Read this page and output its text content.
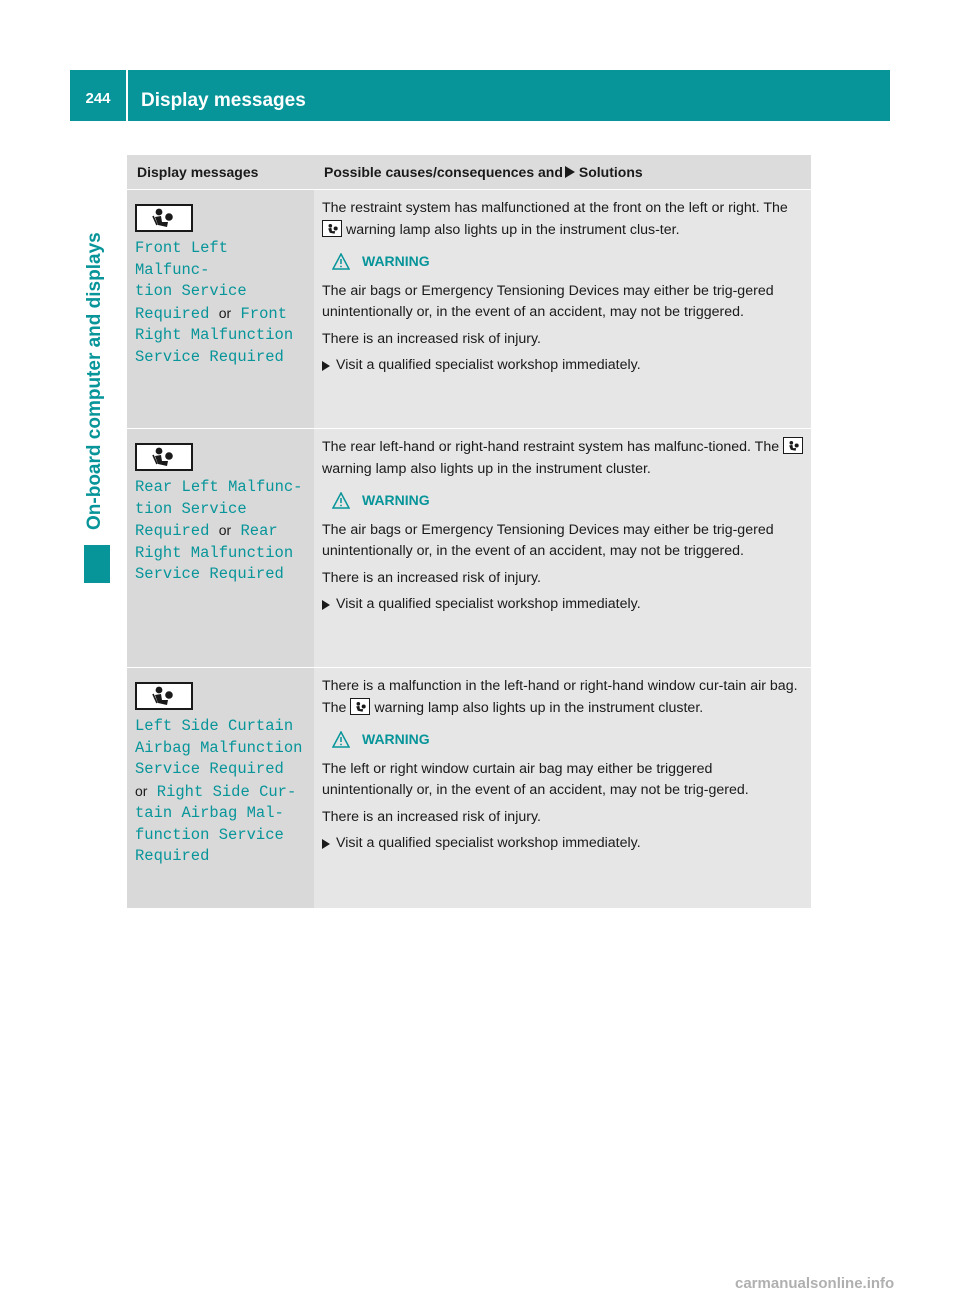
244	Display messages
On-board computer and displays
Display messages	Possible causes/consequences and Solutions
Front Left Malfunc‐
tion Service
Required or Front
Right Malfunction
Service Required

The restraint system has malfunctioned at the front on the left or right. The
warning lamp also lights up in the instrument clus-ter.

WARNING

The air bags or Emergency Tensioning Devices may either be trig-gered unintentionally or, in the event of an accident, may not be triggered.

There is an increased risk of injury.

Visit a qualified specialist workshop immediately.
Rear Left Malfunc‐
tion Service
Required or Rear
Right Malfunction
Service Required

The rear left-hand or right-hand restraint system has malfunc-tioned. The
warning lamp also lights up in the instrument cluster.

WARNING

The air bags or Emergency Tensioning Devices may either be trig-gered unintentionally or, in the event of an accident, may not be triggered.

There is an increased risk of injury.

Visit a qualified specialist workshop immediately.
Left Side Curtain
Airbag Malfunction
Service Required
or Right Side Cur‐
tain Airbag Mal‐
function Service
Required

There is a malfunction in the left-hand or right-hand window cur-tain air bag. The warning lamp also lights up in the instrument cluster.

WARNING

The left or right window curtain air bag may either be triggered unintentionally or, in the event of an accident, may not be trig-gered.

There is an increased risk of injury.

Visit a qualified specialist workshop immediately.
carmanualsonline.info
